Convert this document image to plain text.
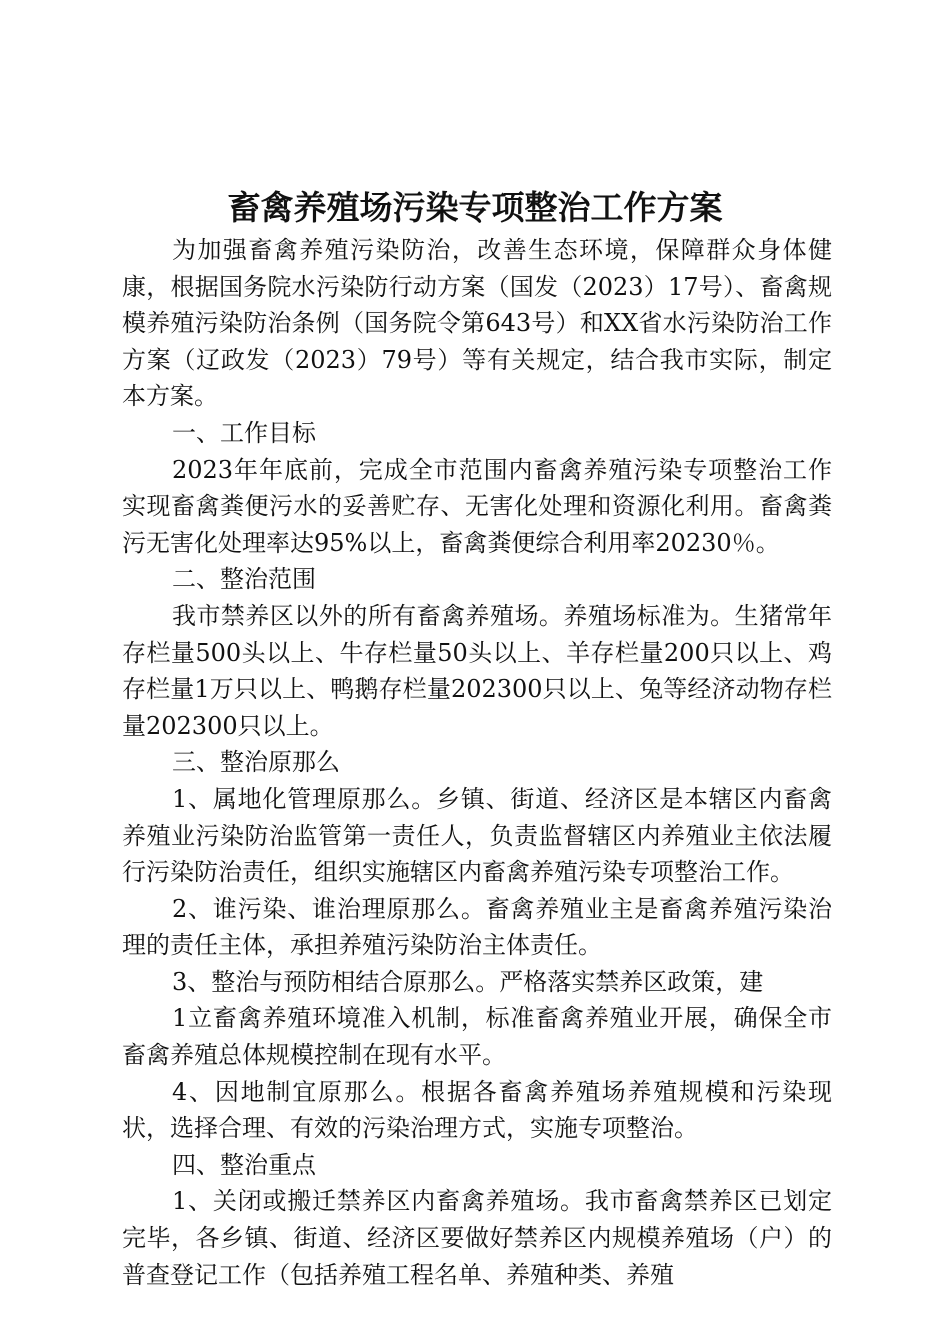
畜禽养殖场污染专项整治工作方案

为加强畜禽养殖污染防治，改善生态环境，保障群众身体健康，根据国务院水污染防行动方案（国发（2023）17号）、畜禽规模养殖污染防治条例（国务院令第643号）和XX省水污染防治工作方案（辽政发（2023）79号）等有关规定，结合我市实际，制定本方案。

一、工作目标

2023年年底前，完成全市范围内畜禽养殖污染专项整治工作实现畜禽粪便污水的妥善贮存、无害化处理和资源化利用。畜禽粪污无害化处理率达95%以上，畜禽粪便综合利用率20230％。

二、整治范围

我市禁养区以外的所有畜禽养殖场。养殖场标准为。生猪常年存栏量500头以上、牛存栏量50头以上、羊存栏量200只以上、鸡存栏量1万只以上、鸭鹅存栏量202300只以上、兔等经济动物存栏量202300只以上。

三、整治原那么

1、属地化管理原那么。乡镇、街道、经济区是本辖区内畜禽养殖业污染防治监管第一责任人，负责监督辖区内养殖业主依法履行污染防治责任，组织实施辖区内畜禽养殖污染专项整治工作。

2、谁污染、谁治理原那么。畜禽养殖业主是畜禽养殖污染治理的责任主体，承担养殖污染防治主体责任。

3、整治与预防相结合原那么。严格落实禁养区政策，建

1立畜禽养殖环境准入机制，标准畜禽养殖业开展，确保全市畜禽养殖总体规模控制在现有水平。

4、因地制宜原那么。根据各畜禽养殖场养殖规模和污染现状，选择合理、有效的污染治理方式，实施专项整治。

四、整治重点

1、关闭或搬迁禁养区内畜禽养殖场。我市畜禽禁养区已划定完毕，各乡镇、街道、经济区要做好禁养区内规模养殖场（户）的普查登记工作（包括养殖工程名单、养殖种类、养殖
